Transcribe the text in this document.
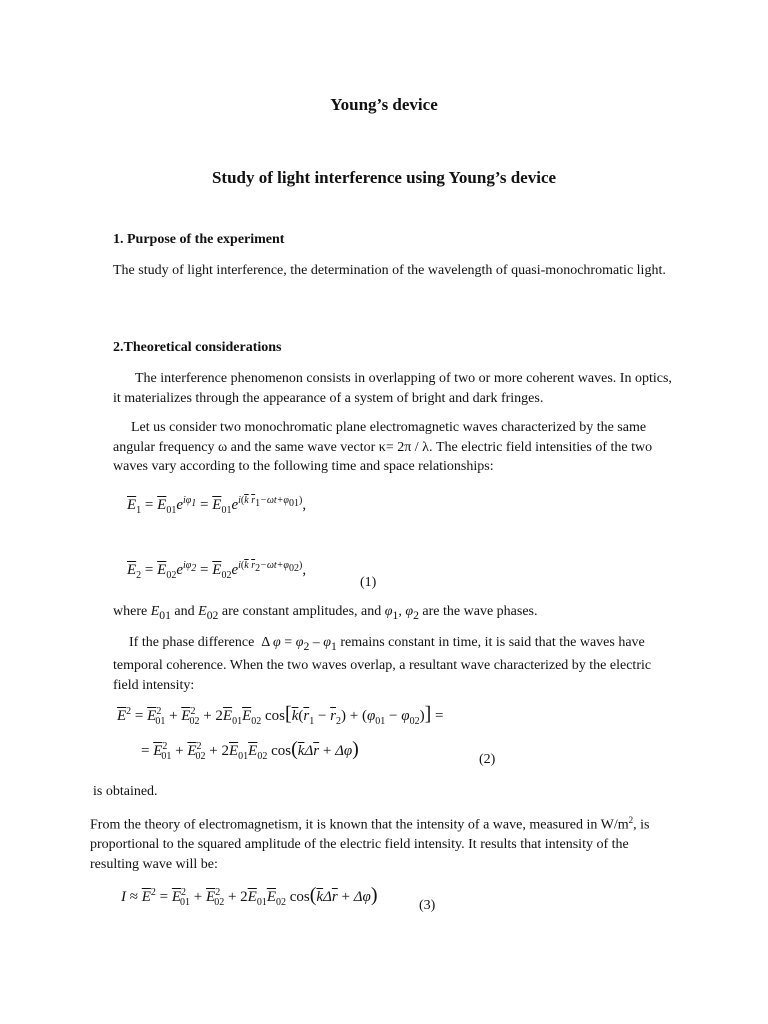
Young’s device
Study of light interference using Young’s device
1. Purpose of the experiment
The study of light interference, the determination of the wavelength of quasi-monochromatic light.
2.Theoretical considerations
The interference phenomenon consists in overlapping of two or more coherent waves. In optics, it materializes through the appearance of a system of bright and dark fringes.
Let us consider two monochromatic plane electromagnetic waves characterized by the same angular frequency ω and the same wave vector κ= 2π / λ. The electric field intensities of the two waves vary according to the following time and space relationships:
$\overline{E}_1 = \overline{E}_{01}e^{i\varphi_1} = \overline{E}_{01}e^{i(\overline{k} \overline{r}_1-\omega t+\varphi_{01})}$,
$\overline{E}_2 = \overline{E}_{02}e^{i\varphi_2} = \overline{E}_{02}e^{i(\overline{k} \overline{r}_2-\omega t+\varphi_{02})}$,
(1)
where $E_{01}$ and $E_{02}$ are constant amplitudes, and $\varphi_1$, $\varphi_2$ are the wave phases.
If the phase difference  Δ $\varphi = \varphi_2 - \varphi_1$ remains constant in time, it is said that the waves have temporal coherence. When the two waves overlap, a resultant wave characterized by the electric field intensity:
$\overline{E}^2 = \overline{E}^2_{01} + \overline{E}^2_{02} + 2\overline{E}_{01}\overline{E}_{02}$ $\cos[\overline{k}(\overline{r}_1 - \overline{r}_2) + (\varphi_{01} - \varphi_{02})]$ =
= $\overline{E}^2_{01} + \overline{E}^2_{02} + 2\overline{E}_{01}\overline{E}_{02}$ $\cos(\overline{k}\Delta\overline{r} + \Delta\varphi)$	(2)
is obtained.
From the theory of electromagnetism, it is known that the intensity of a wave, measured in $W/m^2$, is proportional to the squared amplitude of the electric field intensity. It results that intensity of the resulting wave will be:
$I \approx \overline{E}^2 = \overline{E}^2_{01} + \overline{E}^2_{02} + 2\overline{E}_{01}\overline{E}_{02}$ $\cos(\overline{k}\Delta\overline{r} + \Delta\varphi)$	(3)
